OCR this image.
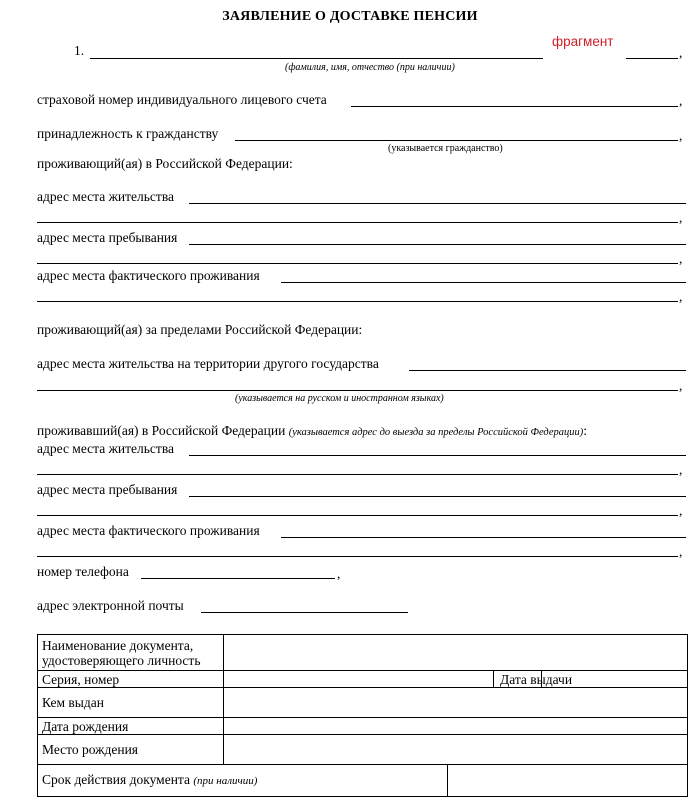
ЗАЯВЛЕНИЕ О ДОСТАВКЕ ПЕНСИИ
1.
фрагмент
,
(фамилия, имя, отчество (при наличии)
страховой номер индивидуального лицевого счета	,
принадлежность к гражданству	,
(указывается гражданство)
проживающий(ая) в Российской Федерации:
адрес места жительства
,
адрес места пребывания
,
адрес места фактического проживания
,
проживающий(ая) за пределами Российской Федерации:
адрес места жительства на территории другого государства
,
(указывается на русском и иностранном языках)
проживавший(ая) в Российской Федерации (указывается адрес до выезда за пределы Российской Федерации):
адрес места жительства
,
адрес места пребывания
,
адрес места фактического проживания
,
номер телефона	,
адрес электронной почты
Наименование документа,
удостоверяющего личность				
Серия, номер			Дата выдачи	
Кем выдан				
Дата рождения				
Место рождения				
Срок действия документа (при наличии)				
